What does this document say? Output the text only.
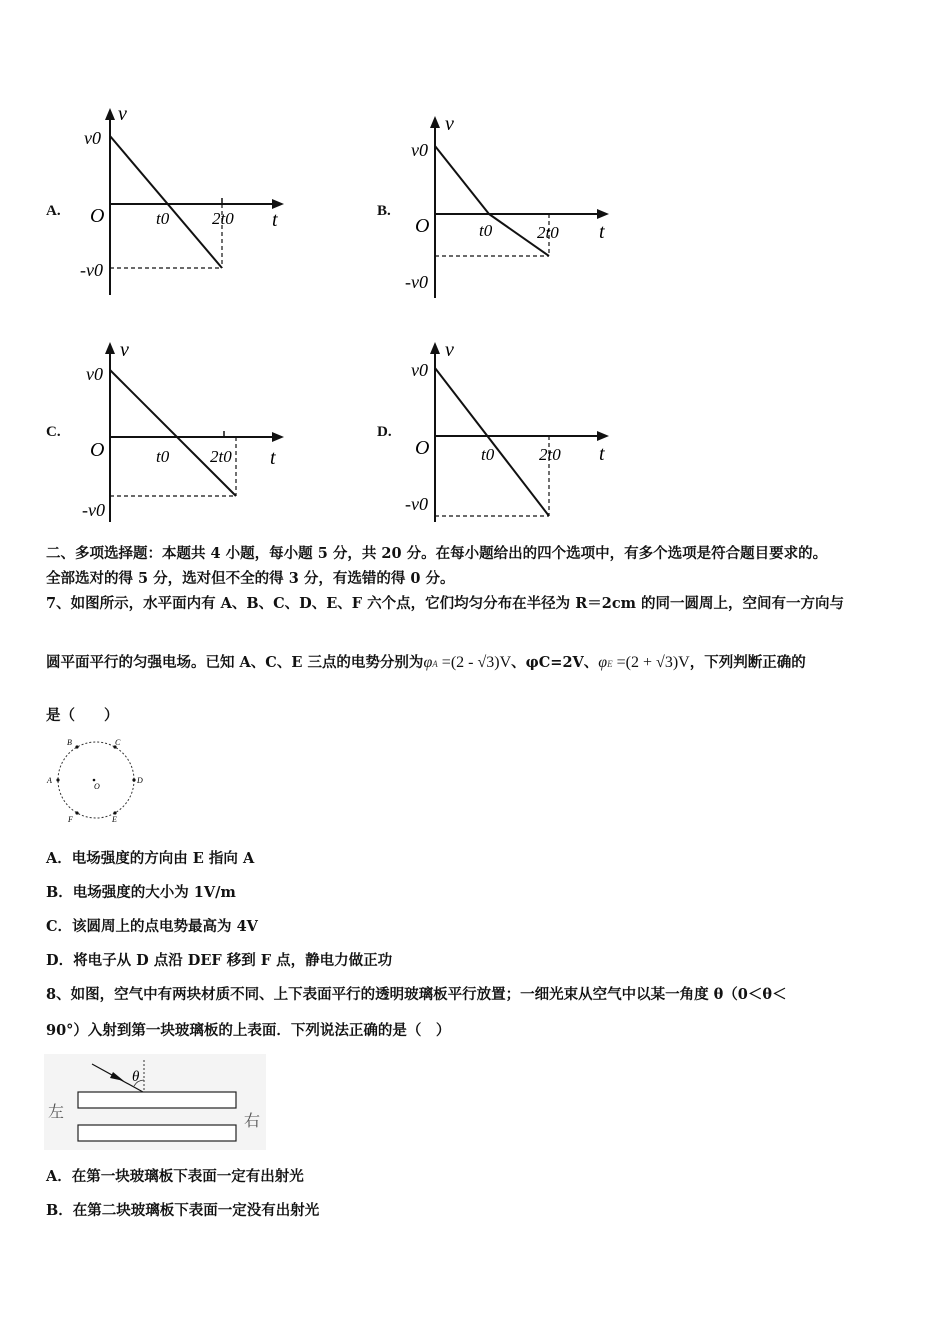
A.
v
v0
O	t0	2t0 t
-v0
B.
v
v0
O	t0	2t0 t
-v0
C.
v
v0
O	t0 2t0 t
-v0
D.
v
v0
O	t0	2t0 t
-v0
二、多项选择题：本题共 4 小题，每小题 5 分，共 20 分。在每小题给出的四个选项中，有多个选项是符合题目要求的。
全部选对的得 5 分，选对但不全的得 3 分，有选错的得 0 分。
7、如图所示，水平面内有 A、B、C、D、E、F 六个点，它们均匀分布在半径为 R＝2cm 的同一圆周上，空间有一方向与
圆平面平行的匀强电场。已知 A、C、E 三点的电势分别为φA =(2 - √3)V、φC=2V、φE =(2 + √3)V，下列判断正确的
是（　　）
A
B	C
D
E
F
O
A．电场强度的方向由 E 指向 A
B．电场强度的大小为 1V/m
C．该圆周上的点电势最高为 4V
D．将电子从 D 点沿 DEF 移到 F 点，静电力做正功
8、如图，空气中有两块材质不同、上下表面平行的透明玻璃板平行放置；一细光束从空气中以某一角度 θ（0＜θ＜
90°）入射到第一块玻璃板的上表面．下列说法正确的是（　）
θ
左	右
A．在第一块玻璃板下表面一定有出射光
B．在第二块玻璃板下表面一定没有出射光
